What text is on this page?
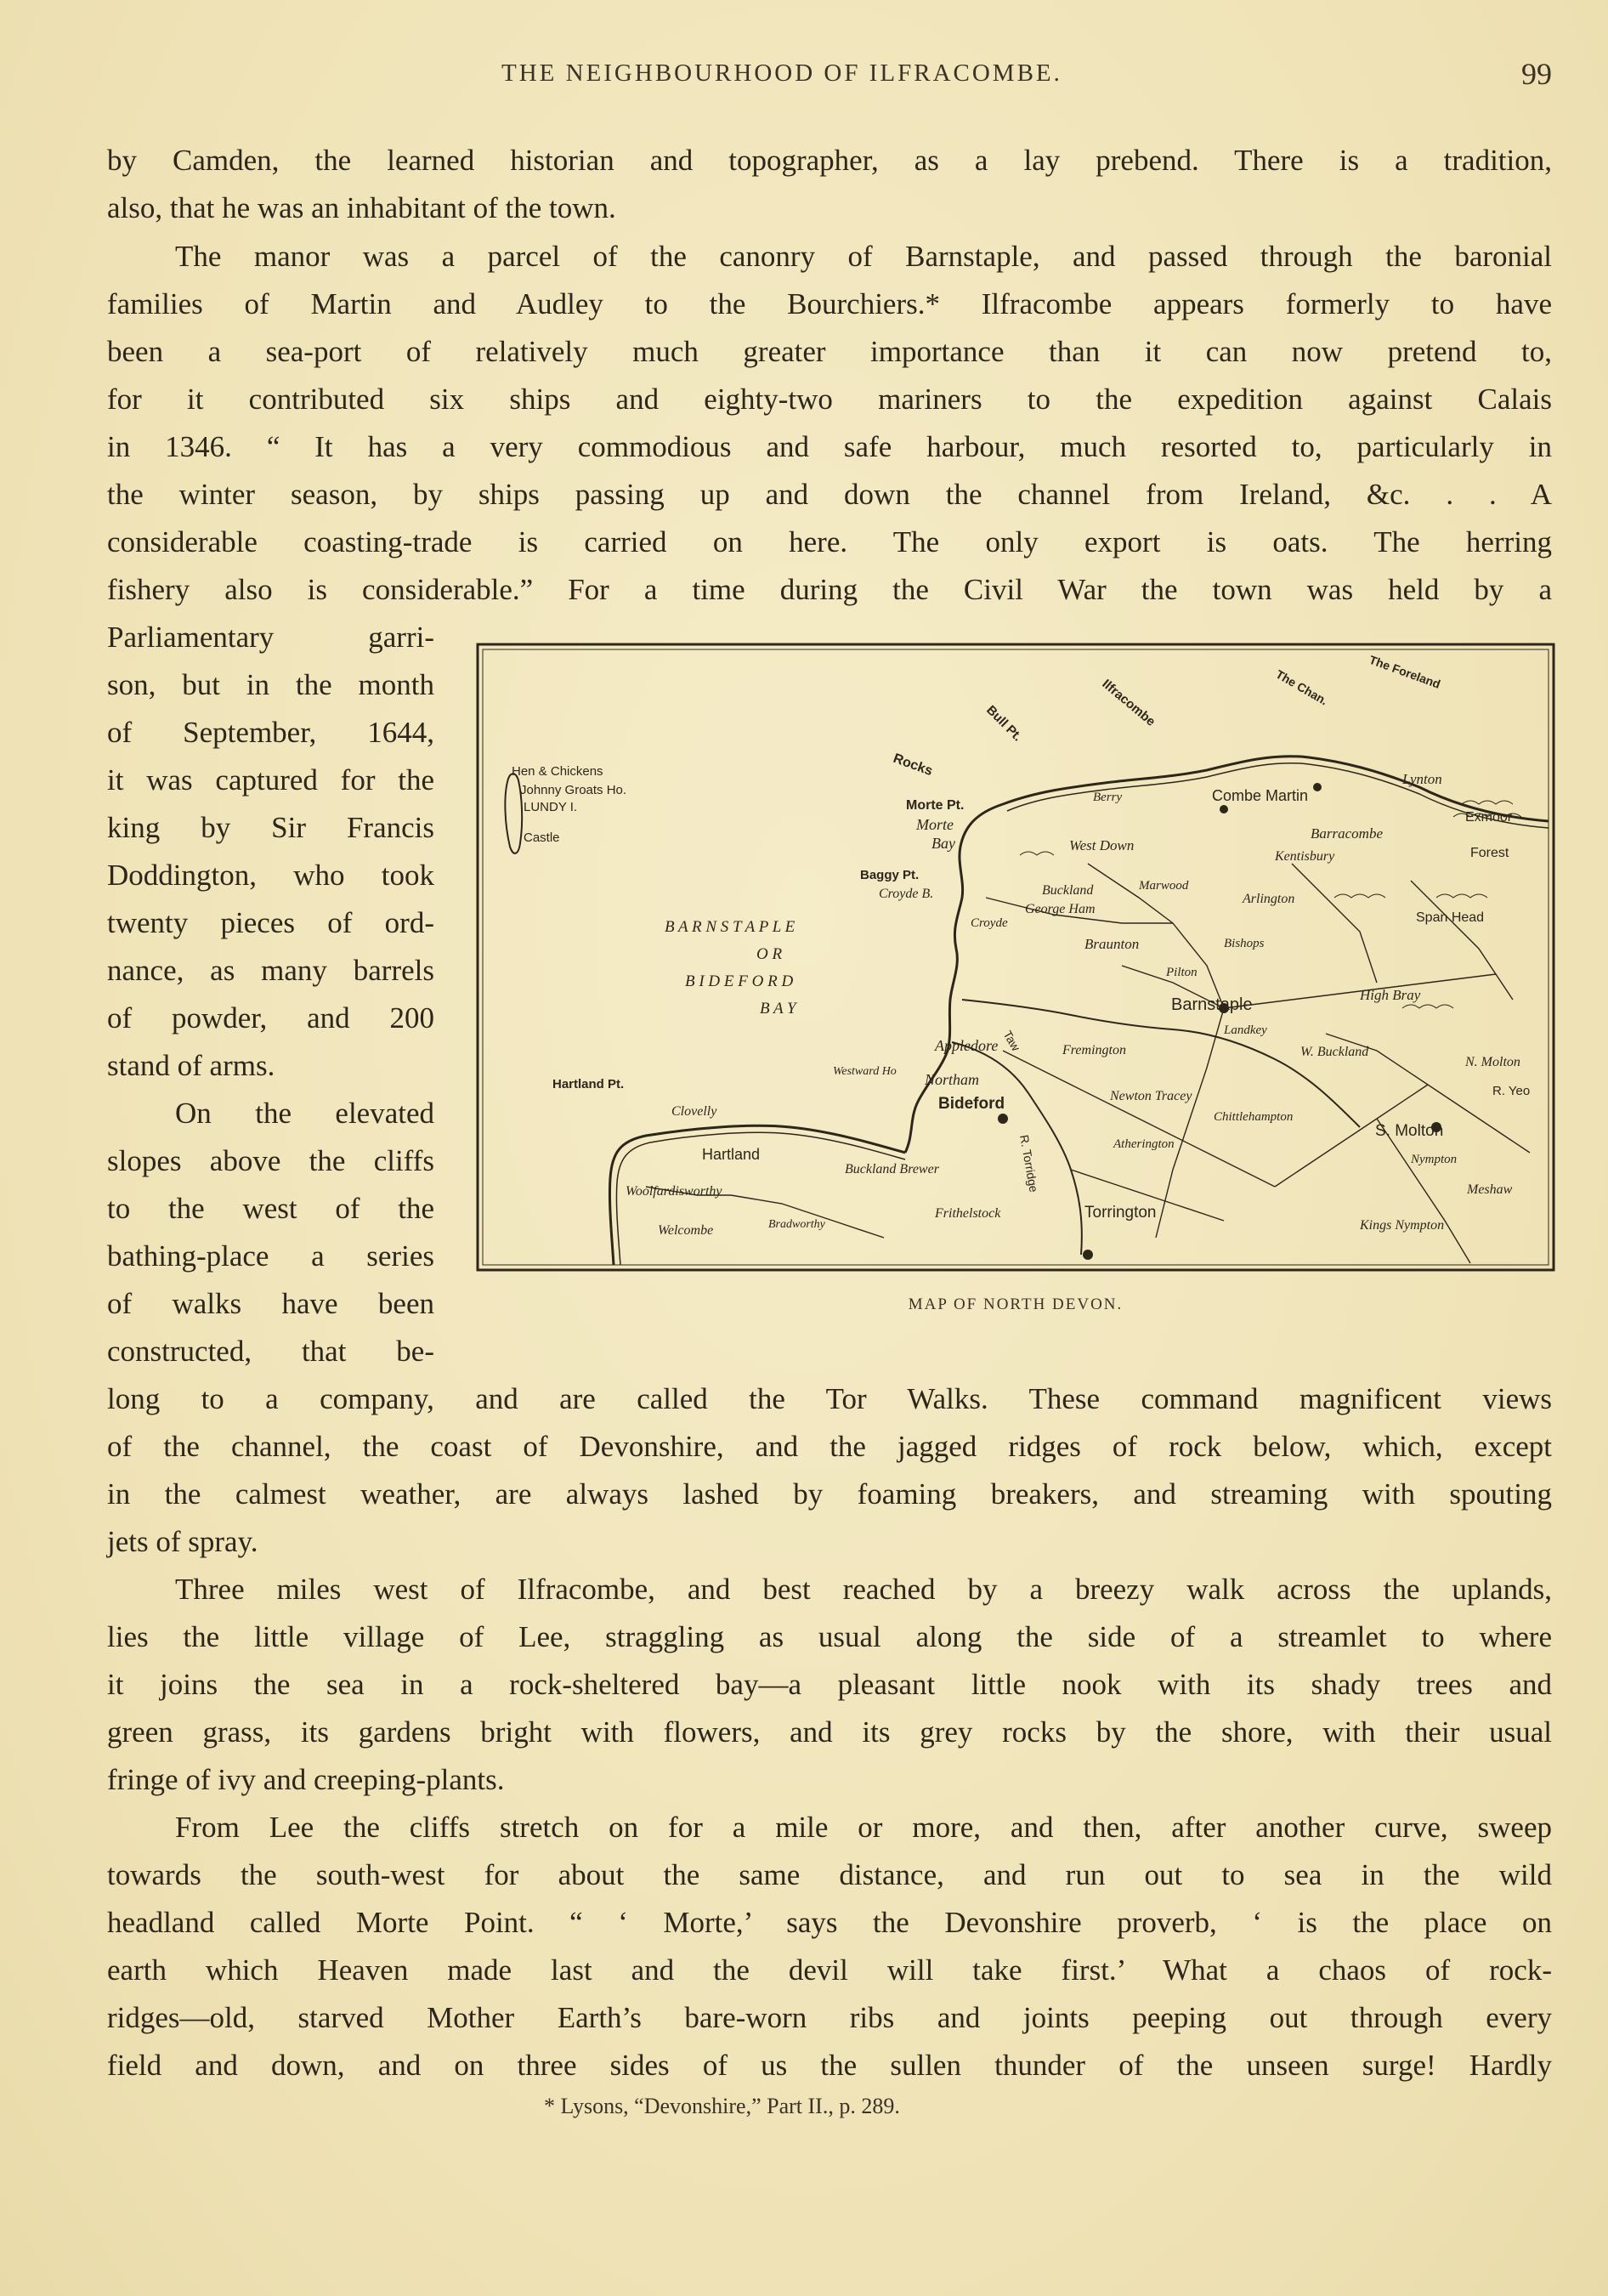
THE NEIGHBOURHOOD OF ILFRACOMBE.	99
by Camden, the learned historian and topographer, as a lay prebend. There is a tradition,
also, that he was an inhabitant of the town.
The manor was a parcel of the canonry of Barnstaple, and passed through the baronial
families of Martin and Audley to the Bourchiers.* Ilfracombe appears formerly to have
been a sea-port of relatively much greater importance than it can now pretend to,
for it contributed six ships and eighty-two mariners to the expedition against Calais
in 1346. “ It has a very commodious and safe harbour, much resorted to, particularly in
the winter season, by ships passing up and down the channel from Ireland, &c. . . A
considerable coasting-trade is carried on here. The only export is oats. The herring
fishery also is considerable.” For a time during the Civil War the town was held by a
Parliamentary garri-
son, but in the month
of September, 1644,
it was captured for the
king by Sir Francis
Doddington, who took
twenty pieces of ord-
nance, as many barrels
of powder, and 200
stand of arms.
On the elevated
slopes above the cliffs
to the west of the
bathing-place a series
of walks have been
constructed, that be-
long to a company, and are called the Tor Walks. These command magnificent views
of the channel, the coast of Devonshire, and the jagged ridges of rock below, which, except
in the calmest weather, are always lashed by foaming breakers, and streaming with spouting
jets of spray.
Three miles west of Ilfracombe, and best reached by a breezy walk across the uplands,
lies the little village of Lee, straggling as usual along the side of a streamlet to where
it joins the sea in a rock-sheltered bay—a pleasant little nook with its shady trees and
green grass, its gardens bright with flowers, and its grey rocks by the shore, with their usual
fringe of ivy and creeping-plants.
From Lee the cliffs stretch on for a mile or more, and then, after another curve, sweep
towards the south-west for about the same distance, and run out to sea in the wild
headland called Morte Point. “ ‘ Morte,’ says the Devonshire proverb, ‘ is the place on
earth which Heaven made last and the devil will take first.’ What a chaos of rock-
ridges—old, starved Mother Earth’s bare-worn ribs and joints peeping out through every
field and down, and on three sides of us the sullen thunder of the unseen surge! Hardly
Hen & Chickens
Johnny Groats Ho.
LUNDY I.
Castle
Morte Pt.
Morte
Bay
Baggy Pt.
Croyde B.
B A R N S T A P L E
O R
B I D E F O R D
B A Y
Hartland Pt.
Westward Ho
Appledore
Northam
Bideford
Clovelly
Hartland
Woolfardisworthy
Welcombe	Bradworthy
Buckland Brewer
Frithelstock	Torrington
Rocks
Bull Pt.	Ilfracombe
The Foreland
The Chan.
Combe Martin
Lynton
Exmoor
Forest
Barracombe
Kentisbury
Arlington
Span Head
West Down
Berry
Marwood
Buckland
George Ham
Croyde
Braunton
Pilton
Barnstaple
Landkey
High Bray
W. Buckland
N. Molton
R. Yeo
Bishops
Fremington
Newton Tracey
Atherington
Chittlehampton
S. Molton
Nympton
Meshaw
Kings Nympton
Taw
R. Torridge
MAP OF NORTH DEVON.
* Lysons, “Devonshire,” Part II., p. 289.
